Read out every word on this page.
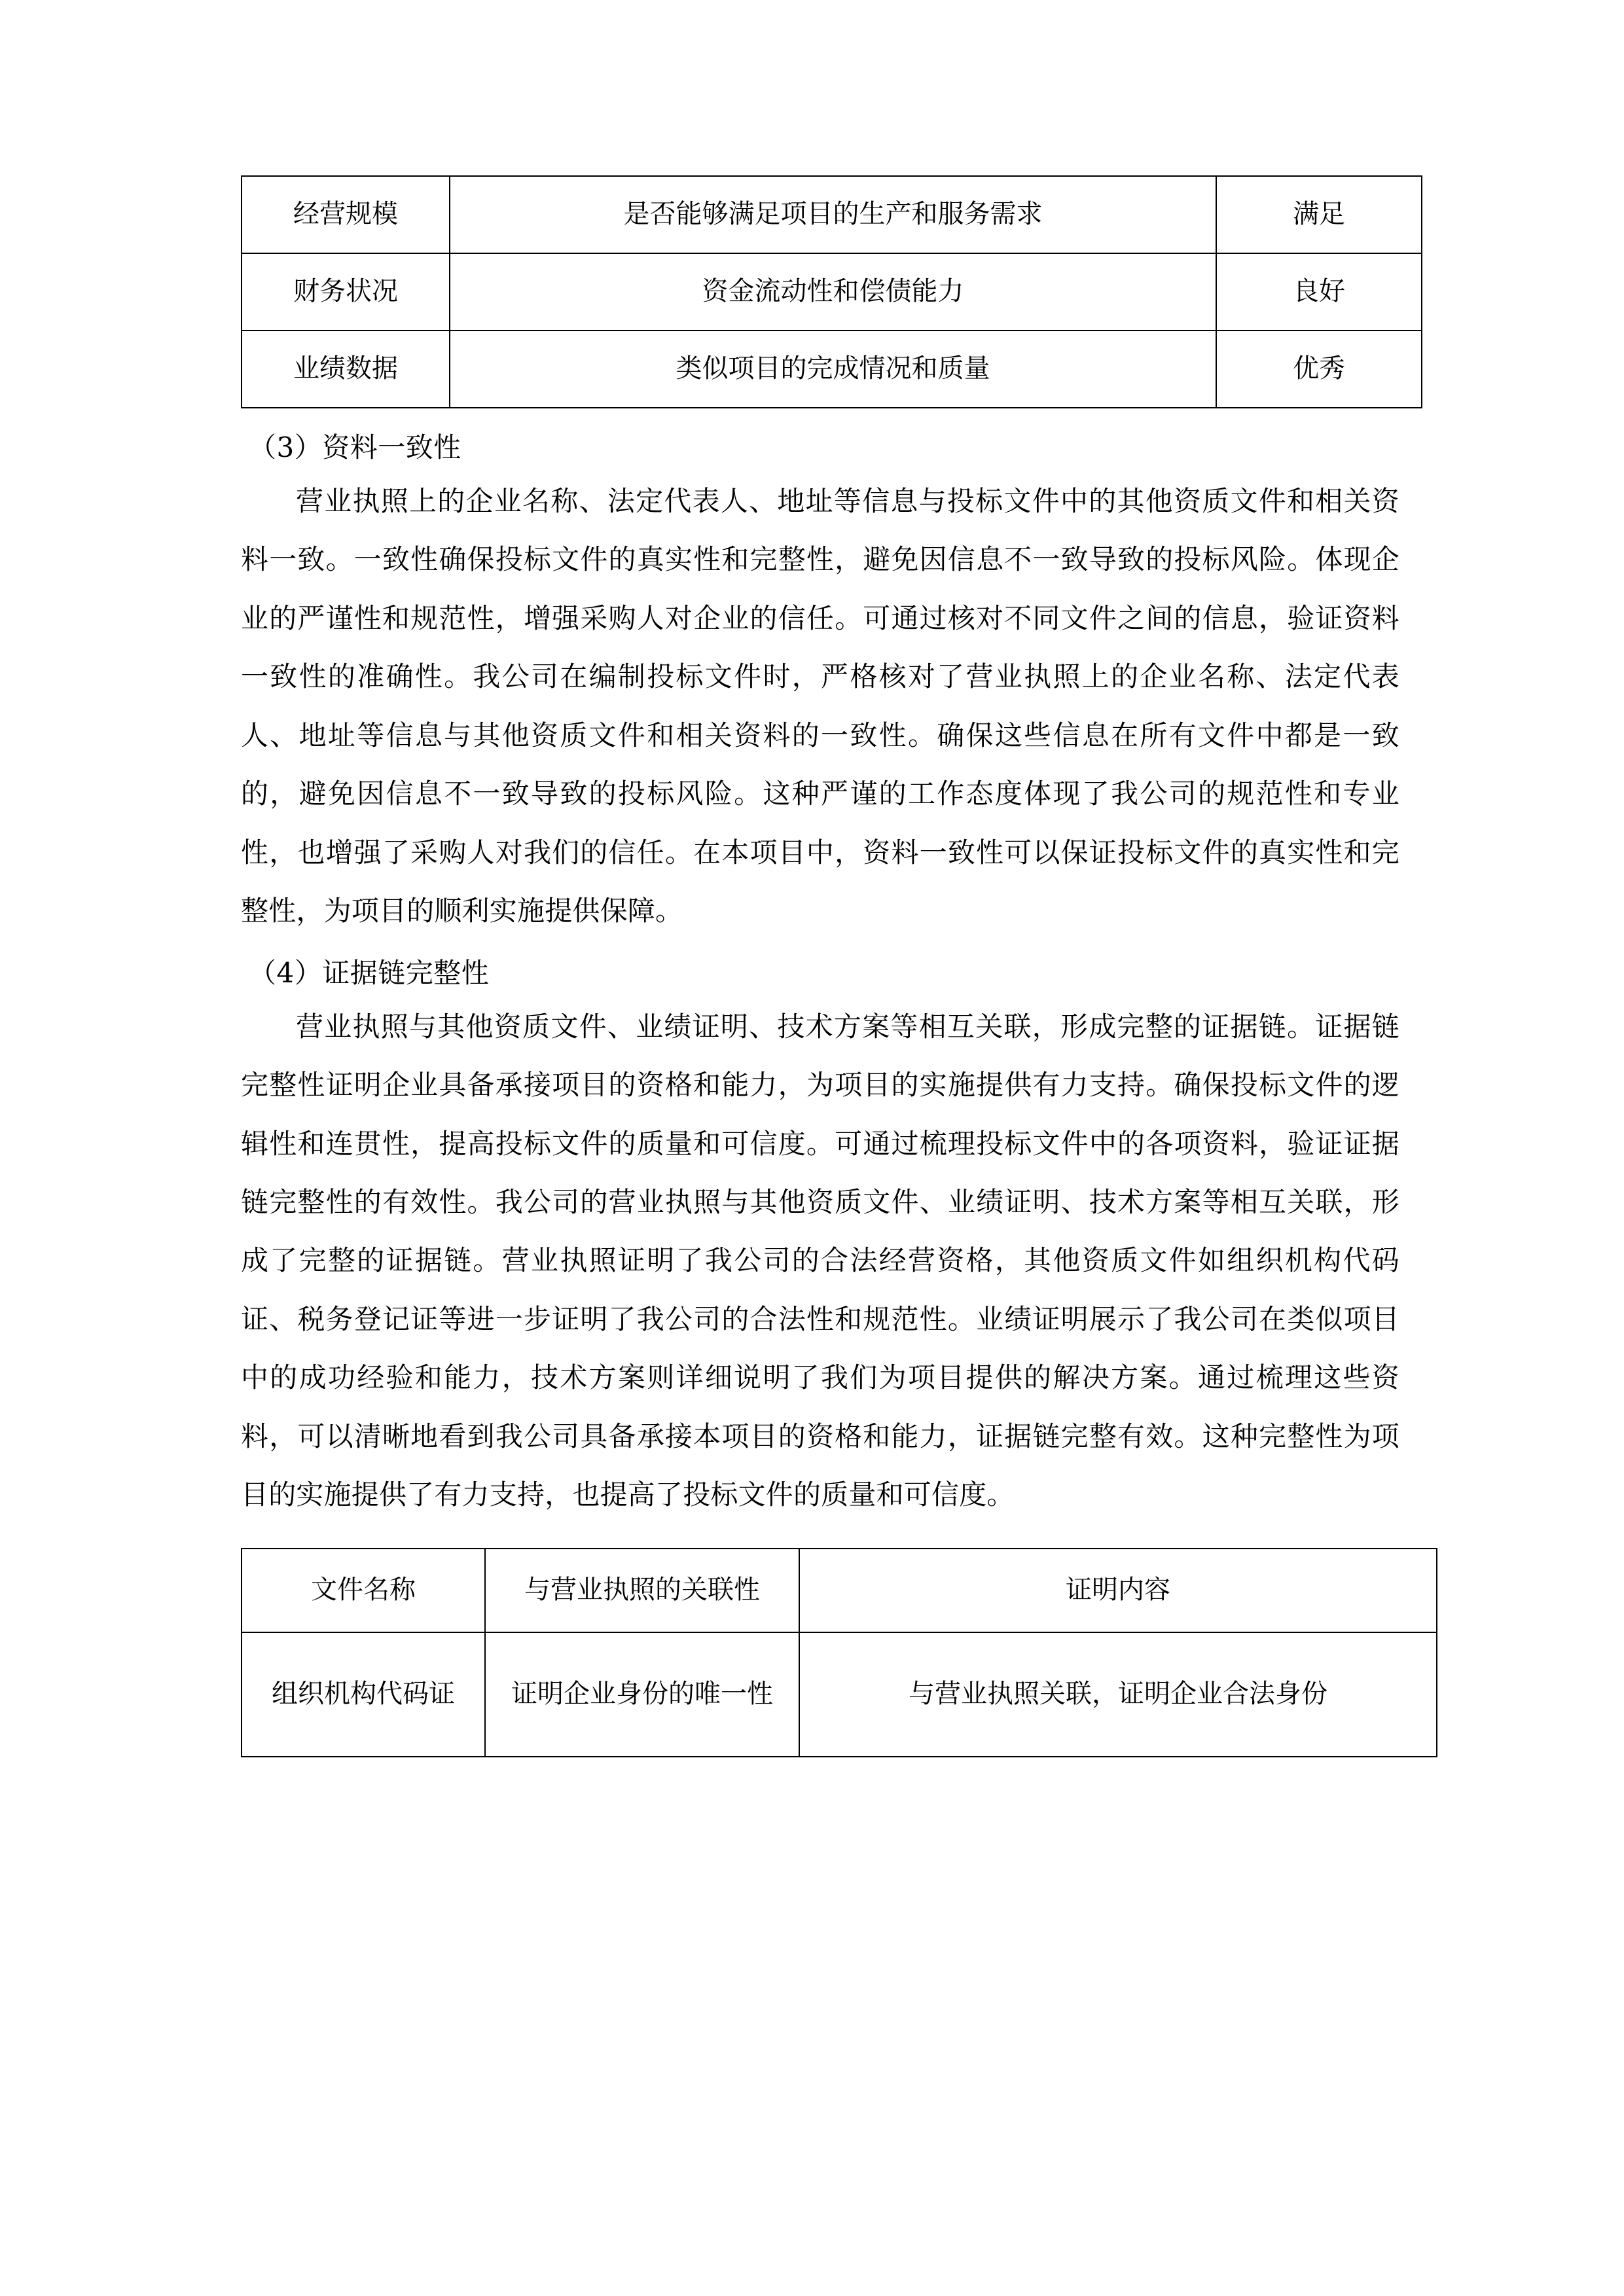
经营规模	是否能够满足项目的生产和服务需求	满足
财务状况	资金流动性和偿债能力	良好
业绩数据	类似项目的完成情况和质量	优秀
（3）资料一致性

营业执照上的企业名称、法定代表人、地址等信息与投标文件中的其他资质文件和相关资料一致。一致性确保投标文件的真实性和完整性，避免因信息不一致导致的投标风险。体现企业的严谨性和规范性，增强采购人对企业的信任。可通过核对不同文件之间的信息，验证资料一致性的准确性。我公司在编制投标文件时，严格核对了营业执照上的企业名称、法定代表人、地址等信息与其他资质文件和相关资料的一致性。确保这些信息在所有文件中都是一致的，避免因信息不一致导致的投标风险。这种严谨的工作态度体现了我公司的规范性和专业性，也增强了采购人对我们的信任。在本项目中，资料一致性可以保证投标文件的真实性和完整性，为项目的顺利实施提供保障。

（4）证据链完整性

营业执照与其他资质文件、业绩证明、技术方案等相互关联，形成完整的证据链。证据链完整性证明企业具备承接项目的资格和能力，为项目的实施提供有力支持。确保投标文件的逻辑性和连贯性，提高投标文件的质量和可信度。可通过梳理投标文件中的各项资料，验证证据链完整性的有效性。我公司的营业执照与其他资质文件、业绩证明、技术方案等相互关联，形成了完整的证据链。营业执照证明了我公司的合法经营资格，其他资质文件如组织机构代码证、税务登记证等进一步证明了我公司的合法性和规范性。业绩证明展示了我公司在类似项目中的成功经验和能力，技术方案则详细说明了我们为项目提供的解决方案。通过梳理这些资料，可以清晰地看到我公司具备承接本项目的资格和能力，证据链完整有效。这种完整性为项目的实施提供了有力支持，也提高了投标文件的质量和可信度。

文件名称	与营业执照的关联性	证明内容
组织机构代码证	证明企业身份的唯一性	与营业执照关联，证明企业合法身份
